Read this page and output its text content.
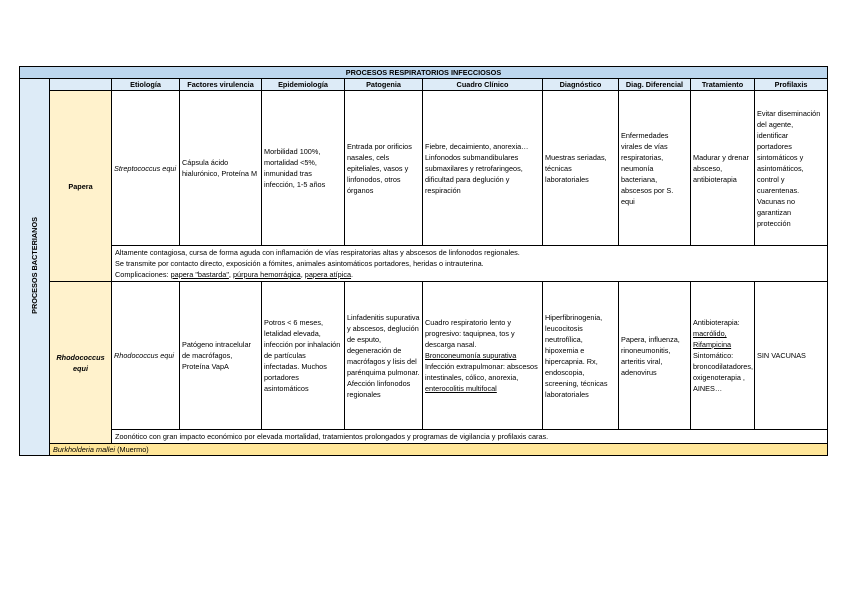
PROCESOS RESPIRATORIOS INFECCIOSOS										
PROCESOS BACTERIANOS		Etiología	Factores virulencia	Epidemiología	Patogenia	Cuadro Clínico	Diagnóstico	Diag. Diferencial	Tratamiento	Profilaxis
	Papera	Streptococcus equi	Cápsula ácido hialurónico, Proteína M	Morbilidad 100%, mortalidad <5%, inmunidad tras infección, 1-5 años	Entrada por orificios nasales, cels epiteliales, vasos y linfonodos, otros órganos	Fiebre, decaimiento, anorexia… Linfonodos submandibulares submaxilares y retrofaringeos, dificultad para deglución y respiración	Muestras seriadas, técnicas laboratoriales	Enfermedades virales de vías respiratorias, neumonía bacteriana, abscesos por S. equi	Madurar y drenar absceso, antibioterapia	Evitar diseminación del agente, identificar portadores sintomáticos y asintomáticos, control y cuarentenas. Vacunas no garantizan protección

		Altamente contagiosa, cursa de forma aguda con inflamación de vías respiratorias altas y abscesos de linfonodos regionales.
Se transmite por contacto directo, exposición a fómites, animales asintomáticos portadores, heridas o intrauterina.
Complicaciones: papera "bastarda", púrpura hemorrágica, papera atípica.								

	Rhodococcus equi	Rhodococcus equi	Patógeno intracelular de macrófagos, Proteína VapA	Potros < 6 meses, letalidad elevada, infección por inhalación de partículas infectadas. Muchos portadores asintomáticos	Linfadenitis supurativa y abscesos, deglución de esputo, degeneración de macrófagos y lisis del parénquima pulmonar. Afección linfonodos regionales	Cuadro respiratorio lento y progresivo: taquipnea, tos y descarga nasal.
Bronconeumonía supurativa
Infección extrapulmonar: abscesos intestinales, cólico, anorexia, enterocolitis multifocal	Hiperfibrinogenia, leucocitosis neutrofílica, hipoxemia e hipercapnia. Rx, endoscopia, screening, técnicas laboratoriales	Papera, influenza, rinoneumonitis, arteritis viral, adenovirus	Antibioterapia:
macrólido, Rifampicina
Sintomático: broncodilatadores, oxigenoterapia , AINES…	SIN VACUNAS
		Zoonótico con gran impacto económico por elevada mortalidad, tratamientos prolongados y programas de vigilancia y profilaxis caras.								
	Burkholderia mallei (Muermo)									
